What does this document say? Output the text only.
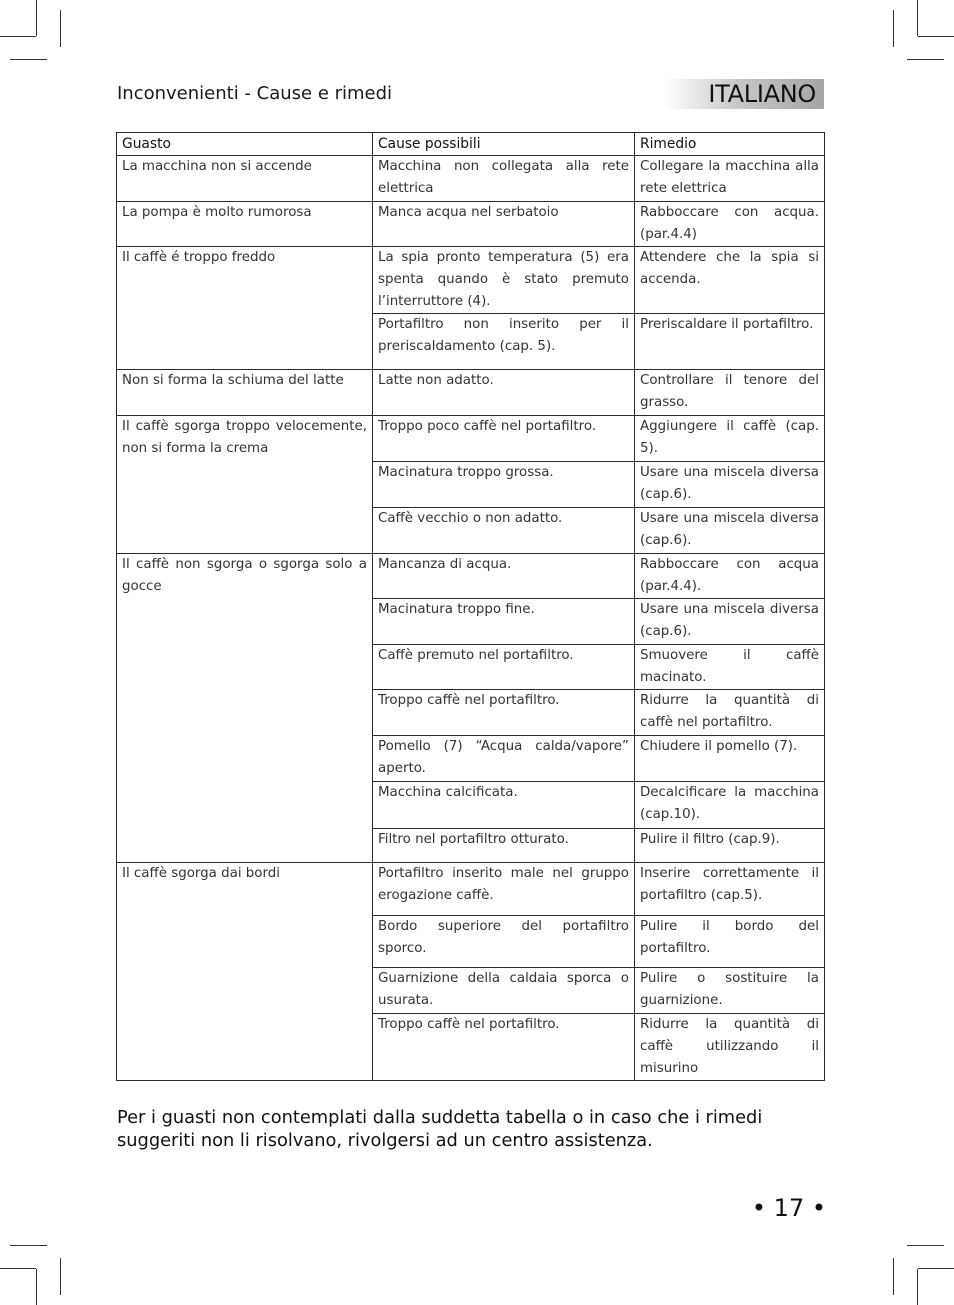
Inconvenienti - Cause e rimedi	ITALIANO
Guasto	Cause possibili	Rimedio
La macchina non si accende	Macchina non collegata alla rete elettrica	Collegare la macchina alla rete elettrica
La pompa è molto rumorosa	Manca acqua nel serbatoio	Rabboccare con acqua. (par.4.4)
Il caffè é troppo freddo	La spia pronto temperatura (5) era spenta quando è stato premuto l’interruttore (4).	Attendere che la spia si accenda.
	Portafiltro non inserito per il preriscaldamento (cap. 5).	Preriscaldare il portafiltro.
Non si forma la schiuma del latte	Latte non adatto.	Controllare il tenore del grasso.
Il caffè sgorga troppo velocemente, non si forma la crema	Troppo poco caffè nel portafiltro.	Aggiungere il caffè (cap. 5).
	Macinatura troppo grossa.	Usare una miscela diversa (cap.6).
	Caffè vecchio o non adatto.	Usare una miscela diversa (cap.6).
Il caffè non sgorga o sgorga solo a gocce	Mancanza di acqua.	Rabboccare con acqua (par.4.4).
	Macinatura troppo fine.	Usare una miscela diversa (cap.6).
	Caffè premuto nel portafiltro.	Smuovere il caffè macinato.
	Troppo caffè nel portafiltro.	Ridurre la quantità di caffè nel portafiltro.
	Pomello (7) “Acqua calda/vapore” aperto.	Chiudere il pomello (7).
	Macchina calcificata.	Decalcificare la macchina (cap.10).
	Filtro nel portafiltro otturato.	Pulire il filtro (cap.9).
Il caffè sgorga dai bordi	Portafiltro inserito male nel gruppo erogazione caffè.	Inserire correttamente il portafiltro (cap.5).
	Bordo superiore del portafiltro sporco.	Pulire il bordo del portafiltro.
	Guarnizione della caldaia sporca o usurata.	Pulire o sostituire la guarnizione.
	Troppo caffè nel portafiltro.	Ridurre la quantità di caffè utilizzando il misurino
Per i guasti non contemplati dalla suddetta tabella o in caso che i rimedi suggeriti non li risolvano, rivolgersi ad un centro assistenza.
• 17 •
